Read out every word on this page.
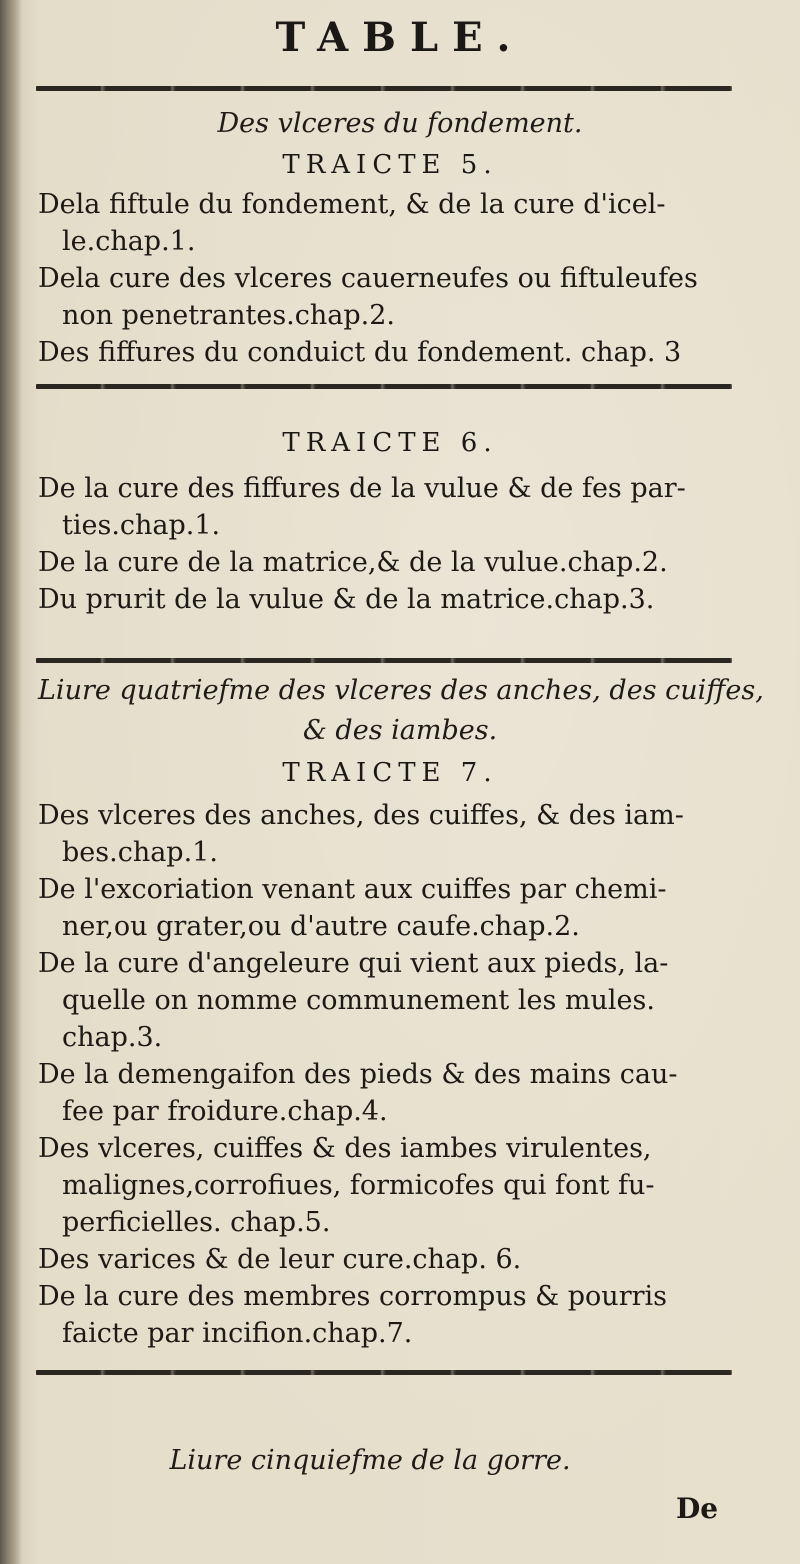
TABLE.
Des vlceres du fondement.
TRAICTE 5.
Dela fiftule du fondement, & de la cure d'icel-
le.chap.1.
Dela cure des vlceres cauerneufes ou fiftuleufes
non penetrantes.chap.2.
Des fiffures du conduict du fondement. chap. 3
TRAICTE 6.
De la cure des fiffures de la vulue & de fes par-
ties.chap.1.
De la cure de la matrice,& de la vulue.chap.2.
Du prurit de la vulue & de la matrice.chap.3.
Liure quatriefme des vlceres des anches, des cuiffes,
& des iambes.
TRAICTE 7.
Des vlceres des anches, des cuiffes, & des iam-
bes.chap.1.
De l'excoriation venant aux cuiffes par chemi-
ner,ou grater,ou d'autre caufe.chap.2.
De la cure d'angeleure qui vient aux pieds, la-
quelle on nomme communement les mules.
chap.3.
De la demengaifon des pieds & des mains cau-
fee par froidure.chap.4.
Des vlceres, cuiffes & des iambes virulentes,
malignes,corrofiues, formicofes qui font fu-
perficielles. chap.5.
Des varices & de leur cure.chap. 6.
De la cure des membres corrompus & pourris
faicte par incifion.chap.7.
Liure cinquiefme de la gorre.
De
